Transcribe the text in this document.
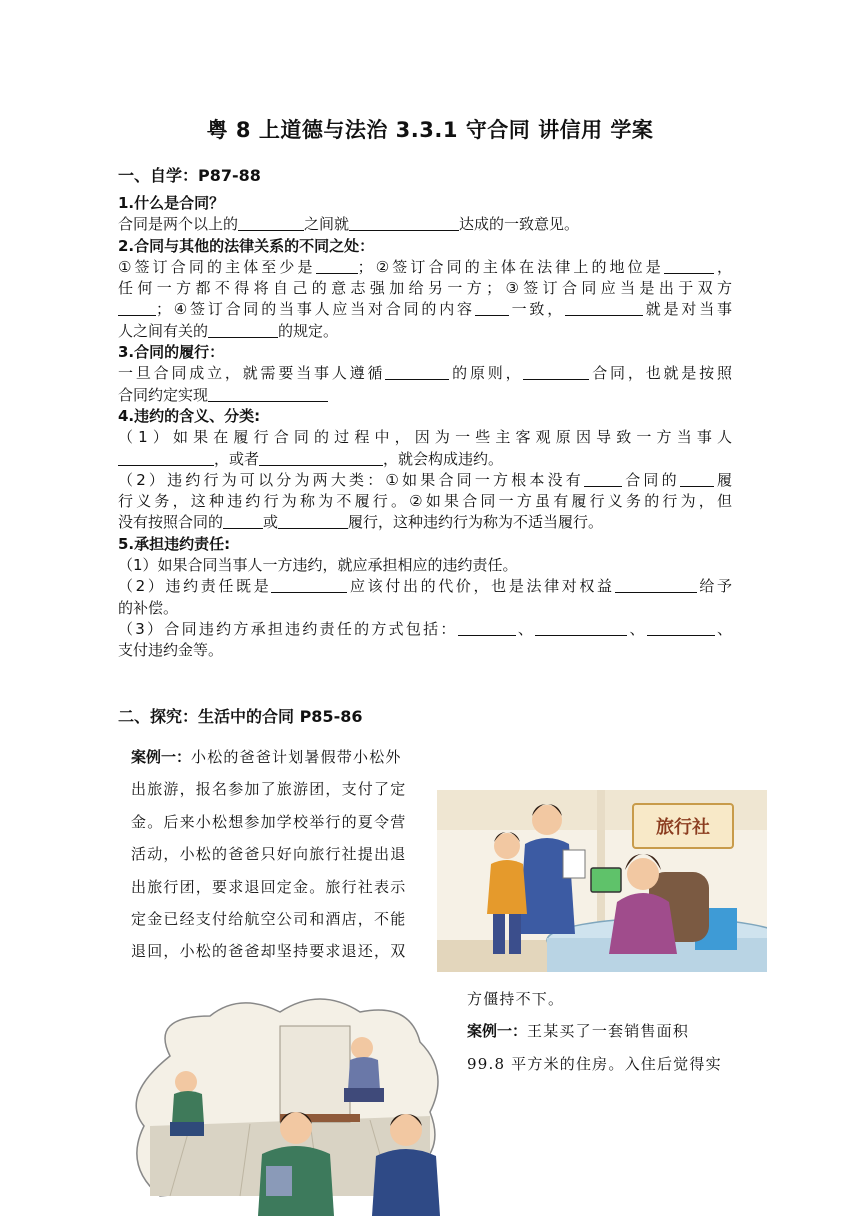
粤 8 上道德与法治 3.3.1 守合同 讲信用 学案
一、自学：P87-88

1.什么是合同？

合同是两个以上的	之间就	达成的一致意见。

2.合同与其他的法律关系的不同之处：

①签订合同的主体至少是	；②签订合同的主体在法律上的地位是	，

任何一方都不得将自己的意志强加给另一方；③签订合同应当是出于双方

；④签订合同的当事人应当对合同的内容 一致，	就是对当事

人之间有关的	的规定。

3.合同的履行：

一旦合同成立，就需要当事人遵循	的原则，	合同，也就是按照

合同约定实现

4.违约的含义、分类:

（1）如果在履行合同的过程中，因为一些主客观原因导致一方当事人

，或者	，就会构成违约。

（2）违约行为可以分为两大类：①如果合同一方根本没有	合同的 履

行义务，这种违约行为称为不履行。②如果合同一方虽有履行义务的行为，但

没有按照合同的	或	履行，这种违约行为称为不适当履行。

5.承担违约责任:

（1）如果合同当事人一方违约，就应承担相应的违约责任。

（2）违约责任既是	应该付出的代价，也是法律对权益	给予

的补偿。

（3）合同违约方承担违约责任的方式包括：	、	、	、

支付违约金等。

二、探究：生活中的合同 P85-86

案例一：小松的爸爸计划暑假带小松外

出旅游，报名参加了旅游团，支付了定

金。后来小松想参加学校举行的夏令营

活动，小松的爸爸只好向旅行社提出退

出旅行团，要求退回定金。旅行社表示

定金已经支付给航空公司和酒店，不能

退回，小松的爸爸却坚持要求退还，双

方僵持不下。

案例一：王某买了一套销售面积

99.8 平方米的住房。入住后觉得实

旅行社
